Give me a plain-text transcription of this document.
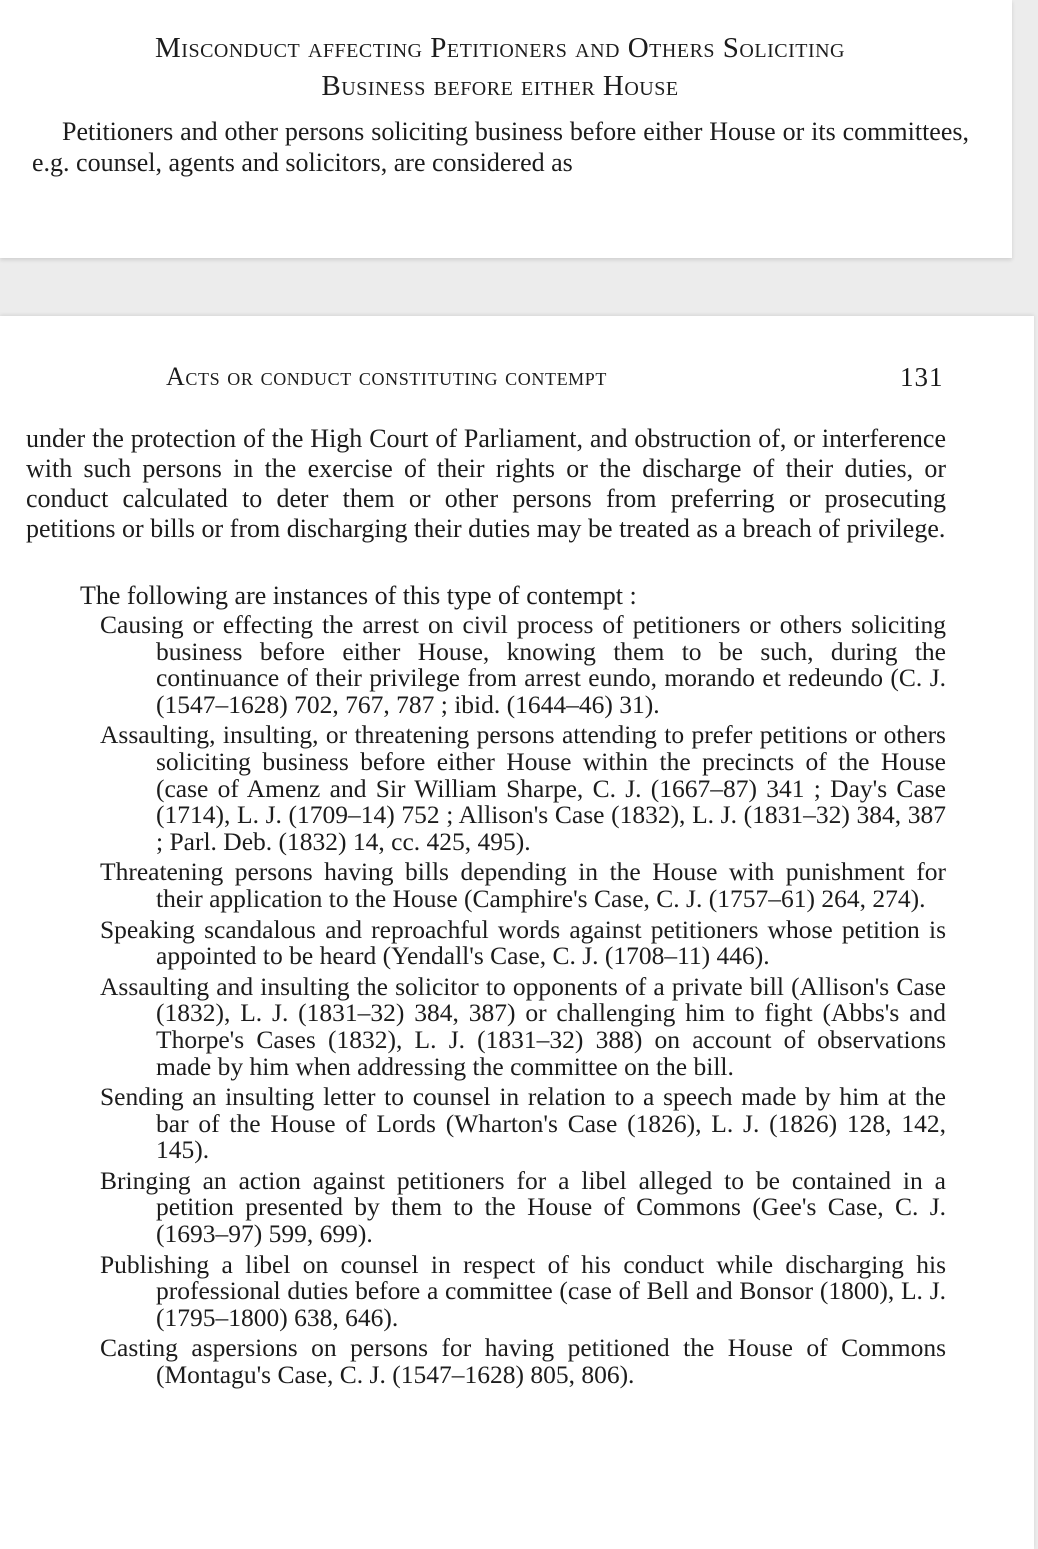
Misconduct affecting Petitioners and Others Soliciting
Business before either House

Petitioners and other persons soliciting business before either House or its committees, e.g. counsel, agents and solicitors, are considered as

Acts or conduct constituting contempt	131

under the protection of the High Court of Parliament, and obstruction of, or interference with such persons in the exercise of their rights or the discharge of their duties, or conduct calculated to deter them or other persons from preferring or prosecuting petitions or bills or from discharging their duties may be treated as a breach of privilege.

The following are instances of this type of contempt :

Causing or effecting the arrest on civil process of petitioners or others soliciting business before either House, knowing them to be such, during the continuance of their privilege from arrest eundo, morando et redeundo (C. J. (1547–1628) 702, 767, 787 ; ibid. (1644–46) 31).

Assaulting, insulting, or threatening persons attending to prefer petitions or others soliciting business before either House within the precincts of the House (case of Amenz and Sir William Sharpe, C. J. (1667–87) 341 ; Day's Case (1714), L. J. (1709–14) 752 ; Allison's Case (1832), L. J. (1831–32) 384, 387 ; Parl. Deb. (1832) 14, cc. 425, 495).

Threatening persons having bills depending in the House with punishment for their application to the House (Camphire's Case, C. J. (1757–61) 264, 274).

Speaking scandalous and reproachful words against petitioners whose petition is appointed to be heard (Yendall's Case, C. J. (1708–11) 446).

Assaulting and insulting the solicitor to opponents of a private bill (Allison's Case (1832), L. J. (1831–32) 384, 387) or challenging him to fight (Abbs's and Thorpe's Cases (1832), L. J. (1831–32) 388) on account of observations made by him when addressing the committee on the bill.

Sending an insulting letter to counsel in relation to a speech made by him at the bar of the House of Lords (Wharton's Case (1826), L. J. (1826) 128, 142, 145).

Bringing an action against petitioners for a libel alleged to be contained in a petition presented by them to the House of Commons (Gee's Case, C. J. (1693–97) 599, 699).

Publishing a libel on counsel in respect of his conduct while discharging his professional duties before a committee (case of Bell and Bonsor (1800), L. J. (1795–1800) 638, 646).

Casting aspersions on persons for having petitioned the House of Commons (Montagu's Case, C. J. (1547–1628) 805, 806).
